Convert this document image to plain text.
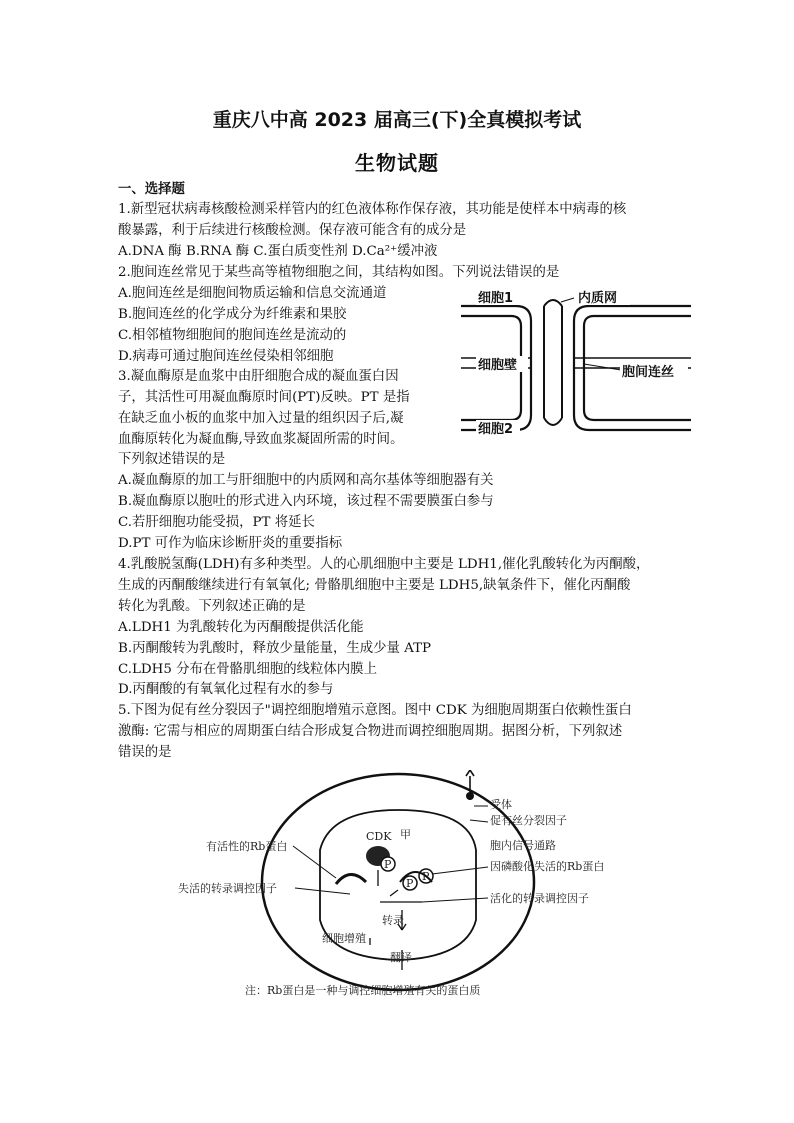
重庆八中高 2023 届高三(下)全真模拟考试
生物试题
一、选择题
1.新型冠状病毒核酸检测采样管内的红色液体称作保存液，其功能是使样本中病毒的核
酸暴露，利于后续进行核酸检测。保存液可能含有的成分是
A.DNA 酶 B.RNA 酶 C.蛋白质变性剂 D.Ca²⁺缓冲液
2.胞间连丝常见于某些高等植物细胞之间，其结构如图。下列说法错误的是
A.胞间连丝是细胞间物质运输和信息交流通道
B.胞间连丝的化学成分为纤维素和果胶
C.相邻植物细胞间的胞间连丝是流动的
D.病毒可通过胞间连丝侵染相邻细胞
3.凝血酶原是血浆中由肝细胞合成的凝血蛋白因
子，其活性可用凝血酶原时间(PT)反映。PT 是指
在缺乏血小板的血浆中加入过量的组织因子后,凝
血酶原转化为凝血酶,导致血浆凝固所需的时间。
下列叙述错误的是
A.凝血酶原的加工与肝细胞中的内质网和高尔基体等细胞器有关
B.凝血酶原以胞吐的形式进入内环境，该过程不需要膜蛋白参与
C.若肝细胞功能受损，PT 将延长
D.PT 可作为临床诊断肝炎的重要指标
4.乳酸脱氢酶(LDH)有多种类型。人的心肌细胞中主要是 LDH1,催化乳酸转化为丙酮酸，
生成的丙酮酸继续进行有氧氧化; 骨骼肌细胞中主要是 LDH5,缺氧条件下，催化丙酮酸
转化为乳酸。下列叙述正确的是
A.LDH1 为乳酸转化为丙酮酸提供活化能
B.丙酮酸转为乳酸时，释放少量能量，生成少量 ATP
C.LDH5 分布在骨骼肌细胞的线粒体内膜上
D.丙酮酸的有氧氧化过程有水的参与
5.下图为促有丝分裂因子"调控细胞增殖示意图。图中 CDK 为细胞周期蛋白依赖性蛋白
激酶: 它需与相应的周期蛋白结合形成复合物进而调控细胞周期。据图分析，下列叙述
错误的是
细胞1	内质网
细胞壁	胞间连丝
细胞2
P
CDK 甲
P
P
有活性的Rb蛋白
失活的转录调控因子
受体
促有丝分裂因子
胞内信号通路
因磷酸化失活的Rb蛋白
活化的转录调控因子
转录
翻译
细胞增殖
注：Rb蛋白是一种与调控细胞增殖有关的蛋白质
